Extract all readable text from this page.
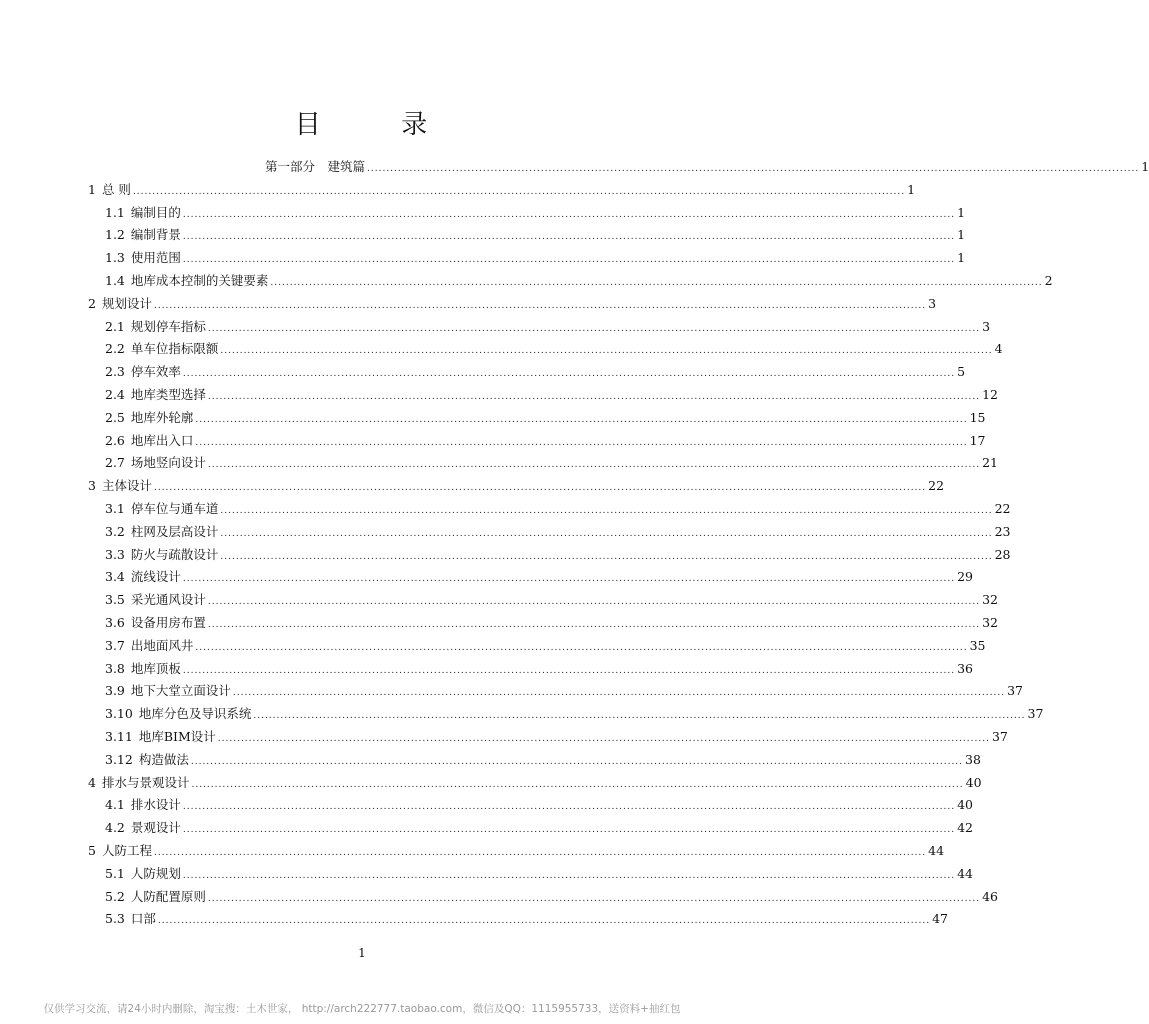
目	录
第一部分　建筑篇 ........................................................................................................................................................................................................ 1
1 总 则 ........................................................................................................................................................................................................ 1
1.1 编制目的 ........................................................................................................................................................................................................ 1
1.2 编制背景 ........................................................................................................................................................................................................ 1
1.3 使用范围 ........................................................................................................................................................................................................ 1
1.4 地库成本控制的关键要素 ........................................................................................................................................................................................................ 2
2 规划设计 ........................................................................................................................................................................................................ 3
2.1 规划停车指标 ........................................................................................................................................................................................................ 3
2.2 单车位指标限额 ........................................................................................................................................................................................................ 4
2.3 停车效率 ........................................................................................................................................................................................................ 5
2.4 地库类型选择 ........................................................................................................................................................................................................ 12
2.5 地库外轮廓 ........................................................................................................................................................................................................ 15
2.6 地库出入口 ........................................................................................................................................................................................................ 17
2.7 场地竖向设计 ........................................................................................................................................................................................................ 21
3 主体设计 ........................................................................................................................................................................................................ 22
3.1 停车位与通车道 ........................................................................................................................................................................................................ 22
3.2 柱网及层高设计 ........................................................................................................................................................................................................ 23
3.3 防火与疏散设计 ........................................................................................................................................................................................................ 28
3.4 流线设计 ........................................................................................................................................................................................................ 29
3.5 采光通风设计 ........................................................................................................................................................................................................ 32
3.6 设备用房布置 ........................................................................................................................................................................................................ 32
3.7 出地面风井 ........................................................................................................................................................................................................ 35
3.8 地库顶板 ........................................................................................................................................................................................................ 36
3.9 地下大堂立面设计 ........................................................................................................................................................................................................ 37
3.10 地库分色及导识系统 ........................................................................................................................................................................................................ 37
3.11 地库BIM设计 ........................................................................................................................................................................................................ 37
3.12 构造做法 ........................................................................................................................................................................................................ 38
4 排水与景观设计 ........................................................................................................................................................................................................ 40
4.1 排水设计 ........................................................................................................................................................................................................ 40
4.2 景观设计 ........................................................................................................................................................................................................ 42
5 人防工程 ........................................................................................................................................................................................................ 44
5.1 人防规划 ........................................................................................................................................................................................................ 44
5.2 人防配置原则 ........................................................................................................................................................................................................ 46
5.3 口部 ........................................................................................................................................................................................................ 47
1
仅供学习交流，请24小时内删除，淘宝搜：土木世家， http://arch222777.taobao.com，微信及QQ：1115955733，送资料+抽红包
